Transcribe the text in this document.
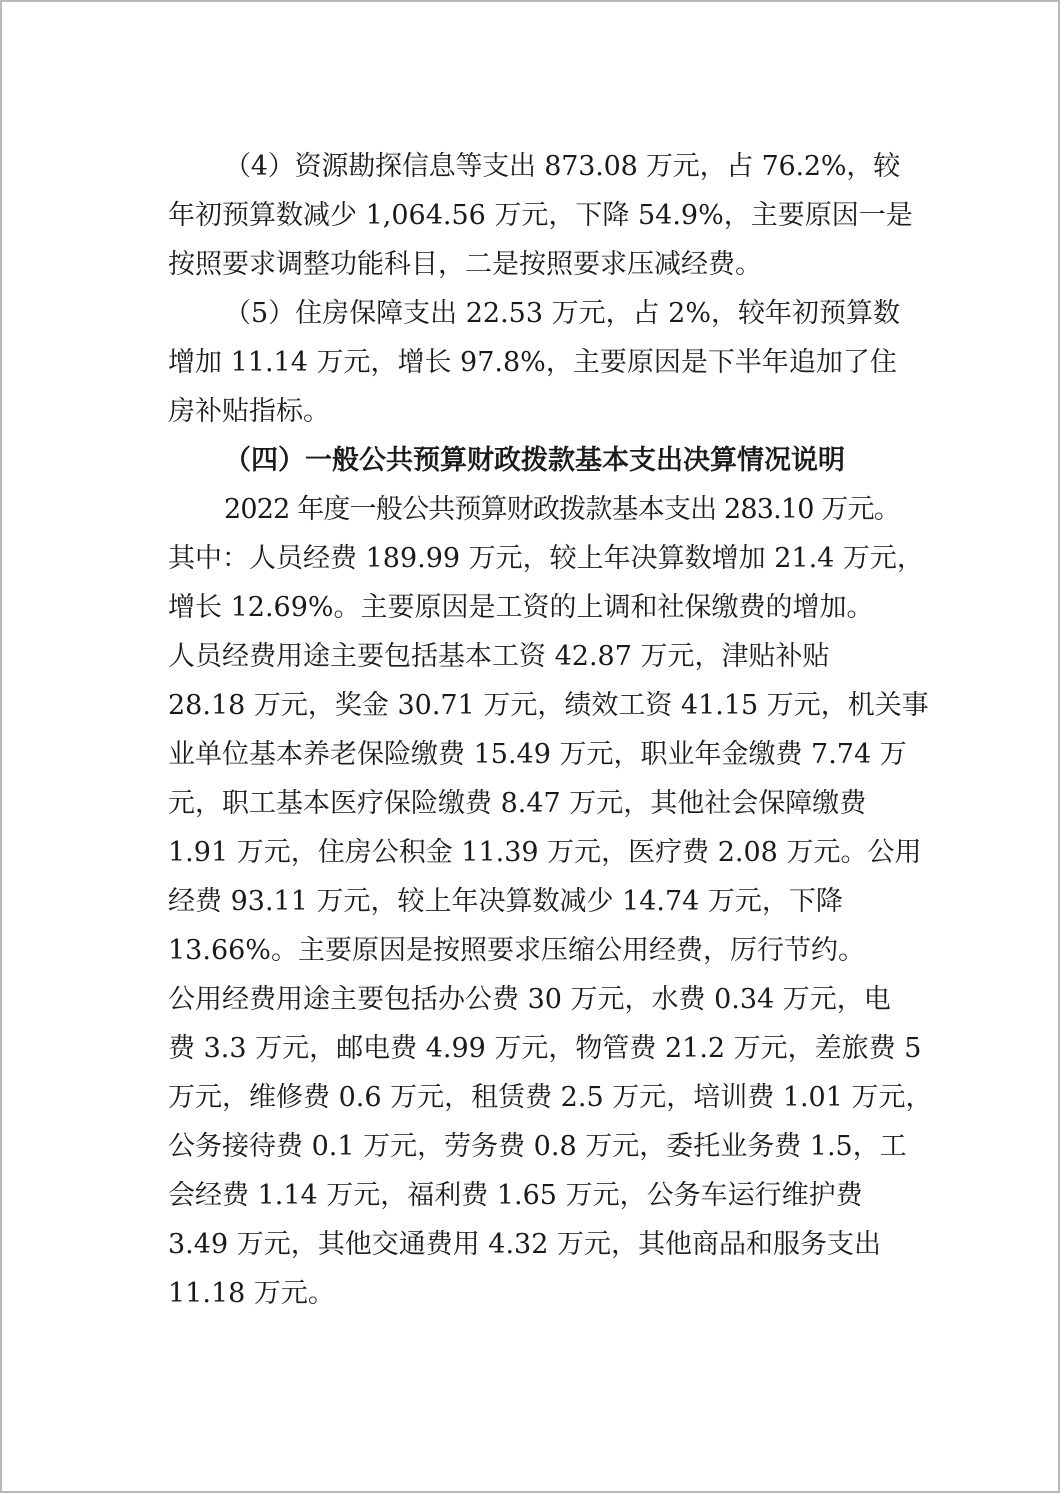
（4）资源勘探信息等支出 873.08 万元，占 76.2%，较
年初预算数减少 1,064.56 万元，下降 54.9%，主要原因一是
按照要求调整功能科目，二是按照要求压减经费。
（5）住房保障支出 22.53 万元，占 2%，较年初预算数
增加 11.14 万元，增长 97.8%，主要原因是下半年追加了住
房补贴指标。
（四）一般公共预算财政拨款基本支出决算情况说明
2022 年度一般公共预算财政拨款基本支出 283.10 万元。
其中：人员经费 189.99 万元，较上年决算数增加 21.4 万元，
增长 12.69%。主要原因是工资的上调和社保缴费的增加。
人员经费用途主要包括基本工资 42.87 万元，津贴补贴
28.18 万元，奖金 30.71 万元，绩效工资 41.15 万元，机关事
业单位基本养老保险缴费 15.49 万元，职业年金缴费 7.74 万
元，职工基本医疗保险缴费 8.47 万元，其他社会保障缴费
1.91 万元，住房公积金 11.39 万元，医疗费 2.08 万元。公用
经费 93.11 万元，较上年决算数减少 14.74 万元，下降
13.66%。主要原因是按照要求压缩公用经费，厉行节约。
公用经费用途主要包括办公费 30 万元，水费 0.34 万元，电
费 3.3 万元，邮电费 4.99 万元，物管费 21.2 万元，差旅费 5
万元，维修费 0.6 万元，租赁费 2.5 万元，培训费 1.01 万元，
公务接待费 0.1 万元，劳务费 0.8 万元，委托业务费 1.5，工
会经费 1.14 万元，福利费 1.65 万元，公务车运行维护费
3.49 万元，其他交通费用 4.32 万元，其他商品和服务支出
11.18 万元。
